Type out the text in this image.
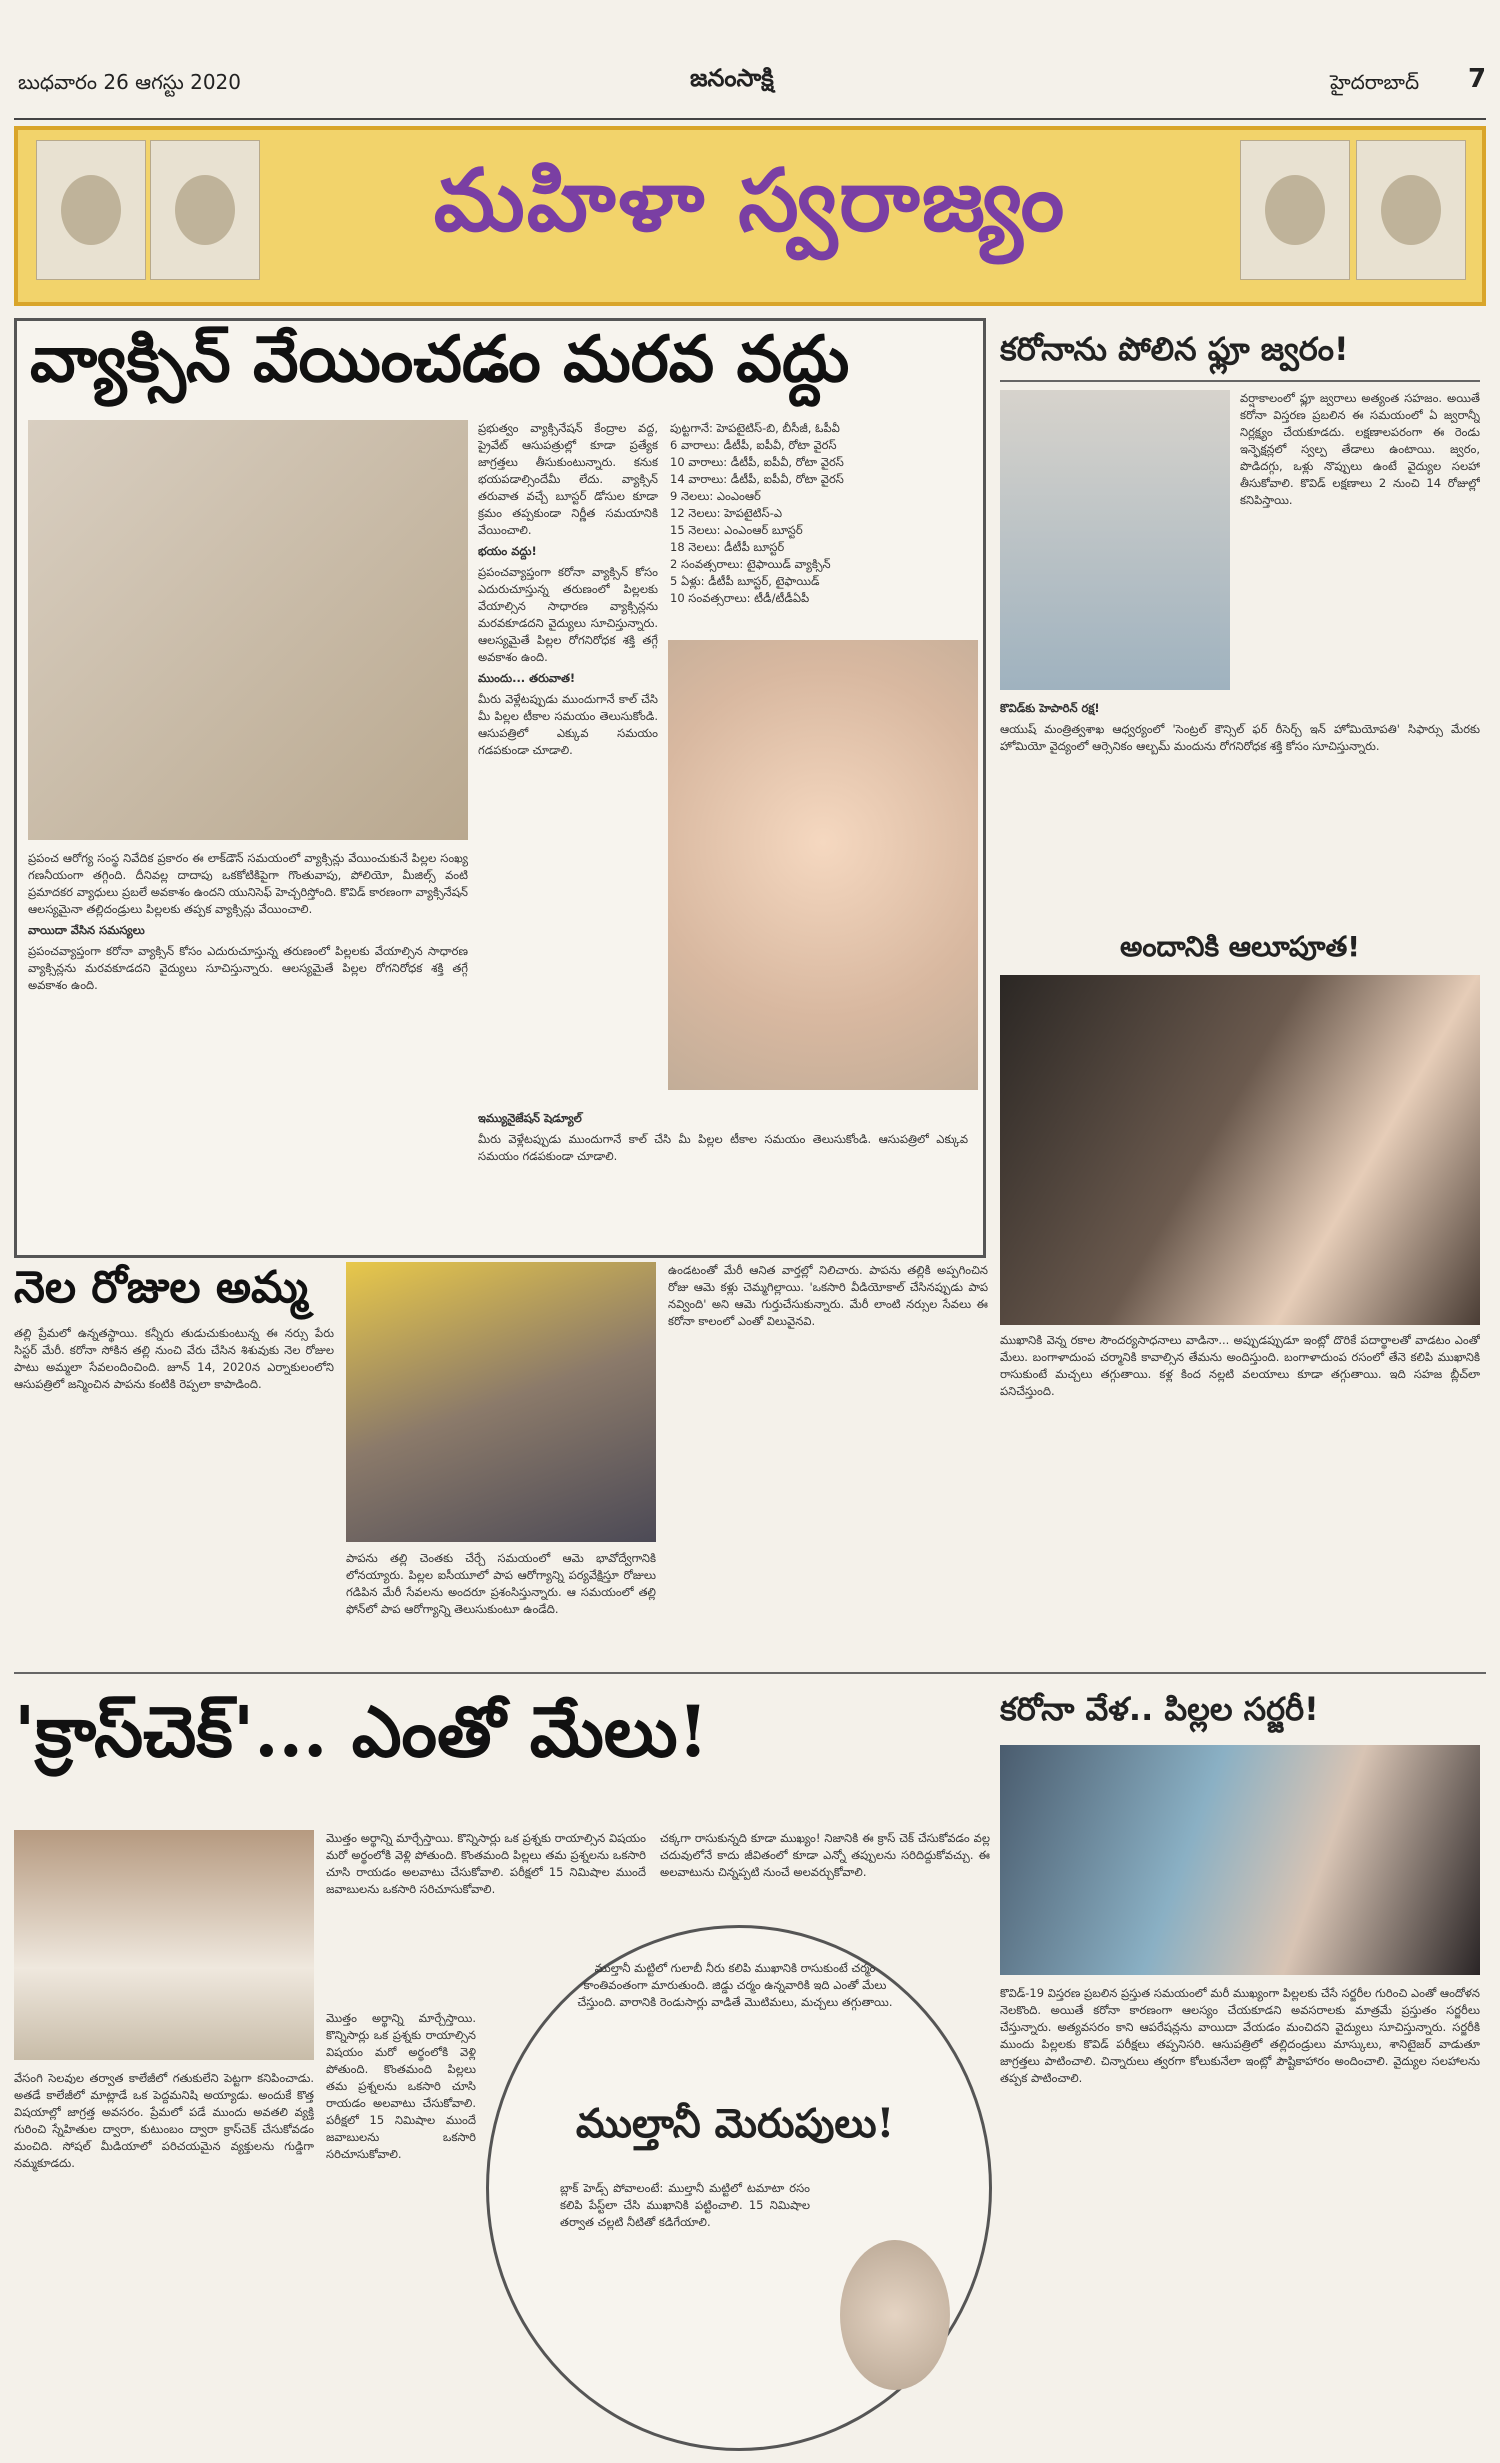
బుధవారం 26 ఆగస్టు 2020	జనంసాక్షి	హైదరాబాద్ 7
మహిళా స్వరాజ్యం
వ్యాక్సిన్ వేయించడం మరవ వద్దు

ప్రభుత్వం వ్యాక్సినేషన్ కేంద్రాల వద్ద, ప్రైవేట్ ఆసుపత్రుల్లో కూడా ప్రత్యేక జాగ్రత్తలు తీసుకుంటున్నారు. కనుక భయపడాల్సిందేమీ లేదు. వ్యాక్సిన్ తరువాత వచ్చే బూస్టర్ డోసుల కూడా క్రమం తప్పకుండా నిర్ణీత సమయానికి వేయించాలి.

భయం వద్దు!

ప్రపంచవ్యాప్తంగా కరోనా వ్యాక్సిన్ కోసం ఎదురుచూస్తున్న తరుణంలో పిల్లలకు వేయాల్సిన సాధారణ వ్యాక్సిన్లను మరవకూడదని వైద్యులు సూచిస్తున్నారు. ఆలస్యమైతే పిల్లల రోగనిరోధక శక్తి తగ్గే అవకాశం ఉంది.

ముందు... తరువాత!

మీరు వెళ్లేటప్పుడు ముందుగానే కాల్ చేసి మీ పిల్లల టీకాల సమయం తెలుసుకోండి. ఆసుపత్రిలో ఎక్కువ సమయం గడపకుండా చూడాలి.

పుట్టగానే: హెపటైటిస్-బి, బీసీజీ, ఓపీవీ
6 వారాలు: డీటీపీ, ఐపీవీ, రోటా వైరస్
10 వారాలు: డీటీపీ, ఐపీవీ, రోటా వైరస్
14 వారాలు: డీటీపీ, ఐపీవీ, రోటా వైరస్
9 నెలలు: ఎంఎంఆర్
12 నెలలు: హెపటైటిస్-ఎ
15 నెలలు: ఎంఎంఆర్ బూస్టర్
18 నెలలు: డీటీపీ బూస్టర్
2 సంవత్సరాలు: టైఫాయిడ్ వ్యాక్సిన్
5 ఏళ్లు: డీటీపీ బూస్టర్, టైఫాయిడ్
10 సంవత్సరాలు: టీడీ/టీడీఏపీ

ప్రపంచ ఆరోగ్య సంస్థ నివేదిక ప్రకారం ఈ లాక్‌డౌన్ సమయంలో వ్యాక్సిన్లు వేయించుకునే పిల్లల సంఖ్య గణనీయంగా తగ్గింది. దీనివల్ల దాదాపు ఒకకోటికిపైగా గొంతువాపు, పోలియో, మీజిల్స్ వంటి ప్రమాదకర వ్యాధులు ప్రబలే అవకాశం ఉందని యునిసెఫ్ హెచ్చరిస్తోంది. కొవిడ్ కారణంగా వ్యాక్సినేషన్ ఆలస్యమైనా తల్లిదండ్రులు పిల్లలకు తప్పక వ్యాక్సిన్లు వేయించాలి.

వాయిదా వేసిన సమస్యలు

ప్రపంచవ్యాప్తంగా కరోనా వ్యాక్సిన్ కోసం ఎదురుచూస్తున్న తరుణంలో పిల్లలకు వేయాల్సిన సాధారణ వ్యాక్సిన్లను మరవకూడదని వైద్యులు సూచిస్తున్నారు. ఆలస్యమైతే పిల్లల రోగనిరోధక శక్తి తగ్గే అవకాశం ఉంది.

ఇమ్యునైజేషన్ షెడ్యూల్

మీరు వెళ్లేటప్పుడు ముందుగానే కాల్ చేసి మీ పిల్లల టీకాల సమయం తెలుసుకోండి. ఆసుపత్రిలో ఎక్కువ సమయం గడపకుండా చూడాలి.

కరోనాను పోలిన ఫ్లూ జ్వరం!
వర్షాకాలంలో ఫ్లూ జ్వరాలు అత్యంత సహజం. అయితే కరోనా విస్తరణ ప్రబలిన ఈ సమయంలో ఏ జ్వరాన్నీ నిర్లక్ష్యం చేయకూడదు. లక్షణాలపరంగా ఈ రెండు ఇన్ఫెక్షన్లలో స్వల్ప తేడాలు ఉంటాయి. జ్వరం, పొడిదగ్గు, ఒళ్లు నొప్పులు ఉంటే వైద్యుల సలహా తీసుకోవాలి. కొవిడ్ లక్షణాలు 2 నుంచి 14 రోజుల్లో కనిపిస్తాయి.

కొవిడ్‌కు హెపారిన్ రక్ష!

ఆయుష్ మంత్రిత్వశాఖ ఆధ్వర్యంలో 'సెంట్రల్ కౌన్సిల్ ఫర్ రీసెర్చ్ ఇన్ హోమియోపతి' సిఫార్సు మేరకు హోమియో వైద్యంలో ఆర్సెనికం ఆల్బమ్ మందును రోగనిరోధక శక్తి కోసం సూచిస్తున్నారు.

అందానికి ఆలూపూత!
ముఖానికి వెన్న రకాల సౌందర్యసాధనాలు వాడినా... అప్పుడప్పుడూ ఇంట్లో దొరికే పదార్థాలతో వాడటం ఎంతో మేలు. బంగాళాదుంప చర్మానికి కావాల్సిన తేమను అందిస్తుంది. బంగాళాదుంప రసంలో తేనె కలిపి ముఖానికి రాసుకుంటే మచ్చలు తగ్గుతాయి. కళ్ల కింద నల్లటి వలయాలు కూడా తగ్గుతాయి. ఇది సహజ బ్లీచ్‌లా పనిచేస్తుంది.
నెల రోజుల అమ్మ
తల్లి ప్రేమలో ఉన్నతస్థాయి. కన్నీరు తుడుచుకుంటున్న ఈ నర్సు పేరు సిస్టర్ మేరీ. కరోనా సోకిన తల్లి నుంచి వేరు చేసిన శిశువుకు నెల రోజుల పాటు అమ్మలా సేవలందించింది. జూన్ 14, 2020న ఎర్నాకులంలోని ఆసుపత్రిలో జన్మించిన పాపను కంటికి రెప్పలా కాపాడింది.
పాపను తల్లి చెంతకు చేర్చే సమయంలో ఆమె భావోద్వేగానికి లోనయ్యారు. పిల్లల ఐసీయూలో పాప ఆరోగ్యాన్ని పర్యవేక్షిస్తూ రోజులు గడిపిన మేరీ సేవలను అందరూ ప్రశంసిస్తున్నారు. ఆ సమయంలో తల్లి ఫోన్‌లో పాప ఆరోగ్యాన్ని తెలుసుకుంటూ ఉండేది.
ఉండటంతో మేరీ ఆనిత వార్తల్లో నిలిచారు. పాపను తల్లికి అప్పగించిన రోజు ఆమె కళ్లు చెమ్మగిల్లాయి. 'ఒకసారి వీడియోకాల్ చేసినప్పుడు పాప నవ్వింది' అని ఆమె గుర్తుచేసుకున్నారు. మేరీ లాంటి నర్సుల సేవలు ఈ కరోనా కాలంలో ఎంతో విలువైనవి.
'క్రాస్‌చెక్'... ఎంతో మేలు!
వేసంగి సెలవుల తర్వాత కాలేజీలో గతుకులేని పెట్టగా కనిపించాడు. అతడే కాలేజీలో మాట్లాడే ఒక పెద్దమనిషి అయ్యాడు. అందుకే కొత్త విషయాల్లో జాగ్రత్త అవసరం. ప్రేమలో పడే ముందు అవతలి వ్యక్తి గురించి స్నేహితుల ద్వారా, కుటుంబం ద్వారా క్రాస్‌చెక్ చేసుకోవడం మంచిది. సోషల్ మీడియాలో పరిచయమైన వ్యక్తులను గుడ్డిగా నమ్మకూడదు.
మొత్తం అర్థాన్ని మార్చేస్తాయి. కొన్నిసార్లు ఒక ప్రశ్నకు రాయాల్సిన విషయం మరో అర్థంలోకి వెళ్లి పోతుంది. కొంతమంది పిల్లలు తమ ప్రశ్నలను ఒకసారి చూసి రాయడం అలవాటు చేసుకోవాలి. పరీక్షలో 15 నిమిషాల ముందే జవాబులను ఒకసారి సరిచూసుకోవాలి.
చక్కగా రాసుకున్నది కూడా ముఖ్యం! నిజానికి ఈ క్రాస్ చెక్ చేసుకోవడం వల్ల చదువులోనే కాదు జీవితంలో కూడా ఎన్నో తప్పులను సరిదిద్దుకోవచ్చు. ఈ అలవాటును చిన్నప్పటి నుంచే అలవర్చుకోవాలి.
మొత్తం అర్థాన్ని మార్చేస్తాయి. కొన్నిసార్లు ఒక ప్రశ్నకు రాయాల్సిన విషయం మరో అర్థంలోకి వెళ్లి పోతుంది. కొంతమంది పిల్లలు తమ ప్రశ్నలను ఒకసారి చూసి రాయడం అలవాటు చేసుకోవాలి. పరీక్షలో 15 నిమిషాల ముందే జవాబులను ఒకసారి సరిచూసుకోవాలి.
ముల్తానీ మట్టిలో గులాబీ నీరు కలిపి ముఖానికి రాసుకుంటే చర్మం కాంతివంతంగా మారుతుంది. జిడ్డు చర్మం ఉన్నవారికి ఇది ఎంతో మేలు చేస్తుంది. వారానికి రెండుసార్లు వాడితే మొటిమలు, మచ్చలు తగ్గుతాయి.
ముల్తానీ మెరుపులు!
బ్లాక్ హెడ్స్ పోవాలంటే: ముల్తానీ మట్టిలో టమాటా రసం కలిపి పేస్ట్‌లా చేసి ముఖానికి పట్టించాలి. 15 నిమిషాల తర్వాత చల్లటి నీటితో కడిగేయాలి.
కరోనా వేళ.. పిల్లల సర్జరీ!
కొవిడ్-19 విస్తరణ ప్రబలిన ప్రస్తుత సమయంలో మరీ ముఖ్యంగా పిల్లలకు చేసే సర్జరీల గురించి ఎంతో ఆందోళన నెలకొంది. అయితే కరోనా కారణంగా ఆలస్యం చేయకూడని అవసరాలకు మాత్రమే ప్రస్తుతం సర్జరీలు చేస్తున్నారు. అత్యవసరం కాని ఆపరేషన్లను వాయిదా వేయడం మంచిదని వైద్యులు సూచిస్తున్నారు. సర్జరీకి ముందు పిల్లలకు కొవిడ్ పరీక్షలు తప్పనిసరి. ఆసుపత్రిలో తల్లిదండ్రులు మాస్కులు, శానిటైజర్ వాడుతూ జాగ్రత్తలు పాటించాలి. చిన్నారులు త్వరగా కోలుకునేలా ఇంట్లో పౌష్టికాహారం అందించాలి. వైద్యుల సలహాలను తప్పక పాటించాలి.
